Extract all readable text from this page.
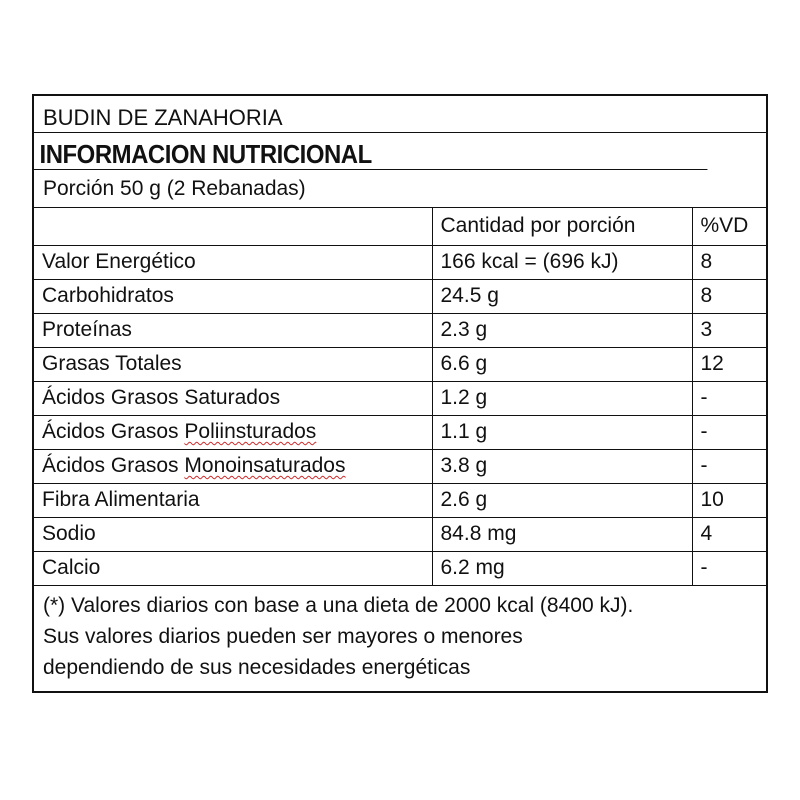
BUDIN DE ZANAHORIA
INFORMACION NUTRICIONAL
Porción 50 g (2 Rebanadas)
	Cantidad por porción	%VD
Valor Energético	166 kcal = (696 kJ)	8
Carbohidratos	24.5 g	8
Proteínas	2.3 g	3
Grasas Totales	6.6 g	12
Ácidos Grasos Saturados	1.2 g	-
Ácidos Grasos Poliinsturados	1.1 g	-
Ácidos Grasos Monoinsaturados	3.8 g	-
Fibra Alimentaria	2.6 g	10
Sodio	84.8 mg	4
Calcio	6.2 mg	-
(*) Valores diarios con base a una dieta de 2000 kcal (8400 kJ).
Sus valores diarios pueden ser mayores o menores
dependiendo de sus necesidades energéticas
